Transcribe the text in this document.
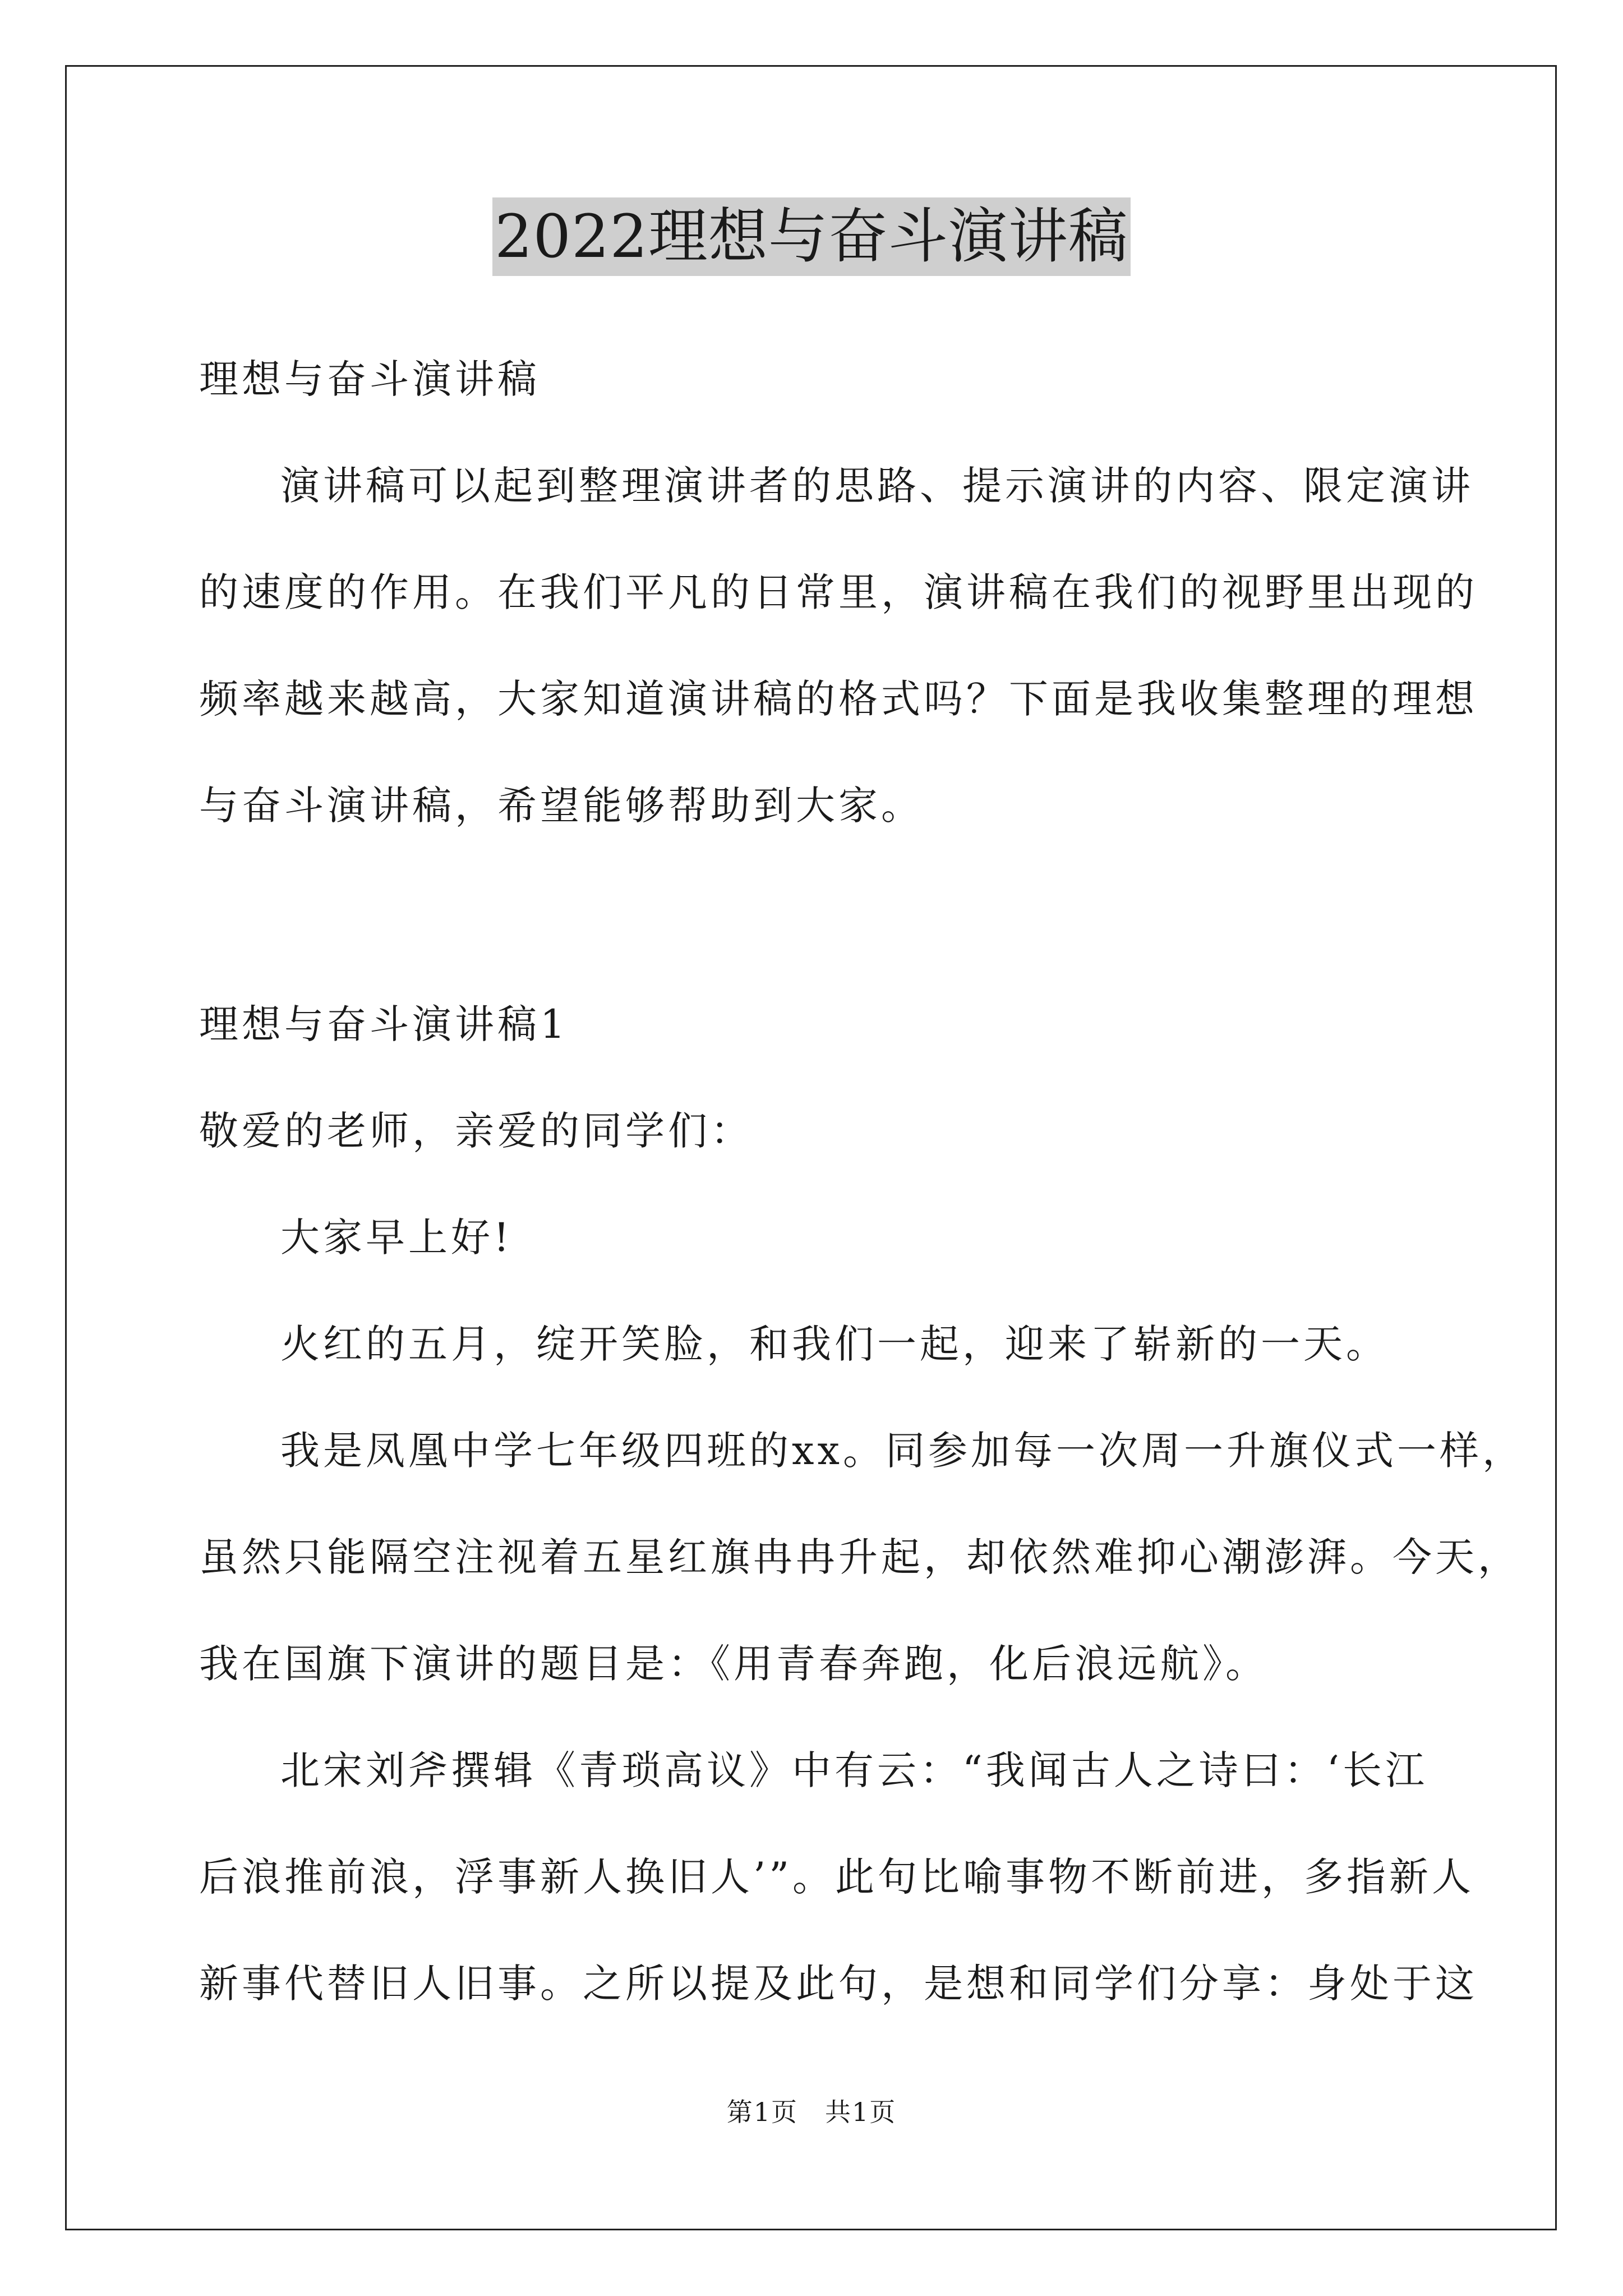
2022理想与奋斗演讲稿
理想与奋斗演讲稿
演讲稿可以起到整理演讲者的思路、提示演讲的内容、限定演讲
的速度的作用。在我们平凡的日常里，演讲稿在我们的视野里出现的
频率越来越高，大家知道演讲稿的格式吗？下面是我收集整理的理想
与奋斗演讲稿，希望能够帮助到大家。
理想与奋斗演讲稿1
敬爱的老师，亲爱的同学们：
大家早上好!
火红的五月，绽开笑脸，和我们一起，迎来了崭新的一天。
我是凤凰中学七年级四班的xx。同参加每一次周一升旗仪式一样，
虽然只能隔空注视着五星红旗冉冉升起，却依然难抑心潮澎湃。今天，
我在国旗下演讲的题目是：《用青春奔跑，化后浪远航》。
北宋刘斧撰辑《青琐高议》中有云：“我闻古人之诗曰：‘长江
后浪推前浪，浮事新人换旧人’”。此句比喻事物不断前进，多指新人
新事代替旧人旧事。之所以提及此句，是想和同学们分享：身处于这
第1页　共1页
